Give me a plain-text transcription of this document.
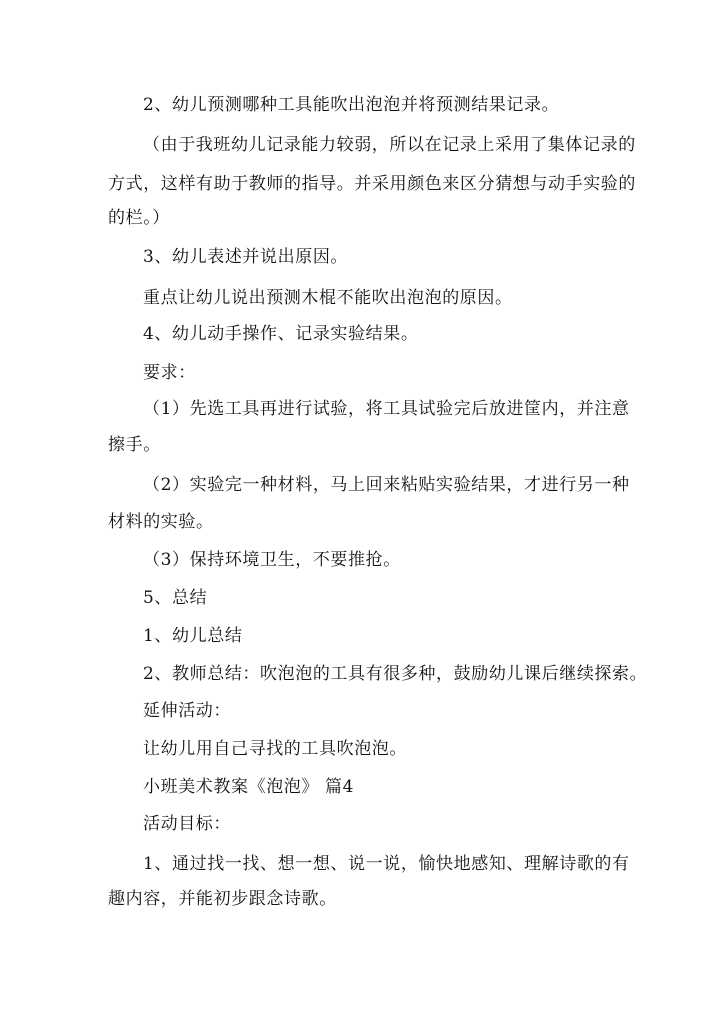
2、幼儿预测哪种工具能吹出泡泡并将预测结果记录。
（由于我班幼儿记录能力较弱，所以在记录上采用了集体记录的
方式，这样有助于教师的指导。并采用颜色来区分猜想与动手实验的
的栏。）
3、幼儿表述并说出原因。
重点让幼儿说出预测木棍不能吹出泡泡的原因。
4、幼儿动手操作、记录实验结果。
要求：
（1）先选工具再进行试验，将工具试验完后放进筐内，并注意
擦手。
（2）实验完一种材料，马上回来粘贴实验结果，才进行另一种
材料的实验。
（3）保持环境卫生，不要推抢。
5、总结
1、幼儿总结
2、教师总结：吹泡泡的工具有很多种，鼓励幼儿课后继续探索。
延伸活动：
让幼儿用自己寻找的工具吹泡泡。
小班美术教案《泡泡》 篇4
活动目标：
1、通过找一找、想一想、说一说，愉快地感知、理解诗歌的有
趣内容，并能初步跟念诗歌。
